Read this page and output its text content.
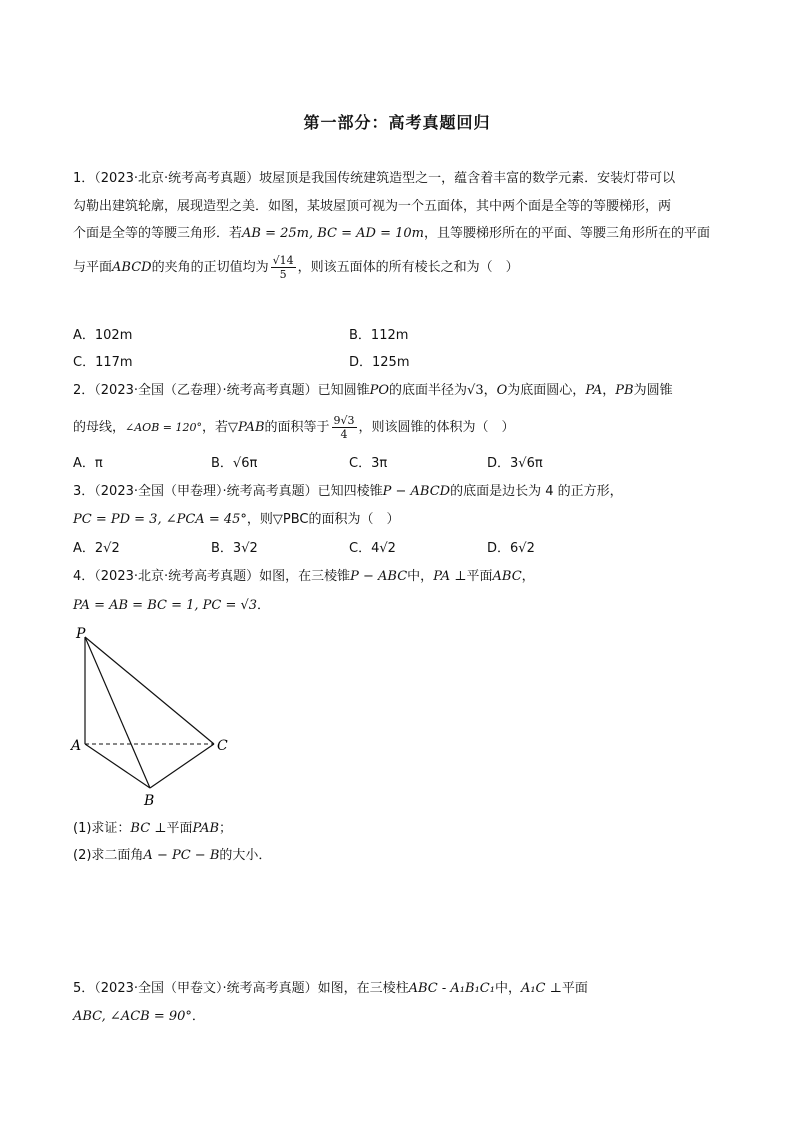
第一部分：高考真题回归
1．（2023·北京·统考高考真题）坡屋顶是我国传统建筑造型之一，蕴含着丰富的数学元素．安装灯带可以
勾勒出建筑轮廓，展现造型之美．如图，某坡屋顶可视为一个五面体，其中两个面是全等的等腰梯形，两
个面是全等的等腰三角形．若AB = 25m, BC = AD = 10m，且等腰梯形所在的平面、等腰三角形所在的平面
与平面ABCD的夹角的正切值均为 $\frac{√14}{5}$ ，则该五面体的所有棱长之和为（　）
A．102m	B．112m
C．117m	D．125m
2．（2023·全国（乙卷理）·统考高考真题）已知圆锥PO的底面半径为√3，O为底面圆心，PA，PB为圆锥
的母线，∠AOB = 120°，若▽PAB的面积等于 $\frac{9√3}{4}$ ，则该圆锥的体积为（　）
A．π	B．√6π	C．3π	D．3√6π
3．（2023·全国（甲卷理）·统考高考真题）已知四棱锥P − ABCD的底面是边长为 4 的正方形，
PC = PD = 3, ∠PCA = 45°，则▽PBC的面积为（　）
A．2√2	B．3√2	C．4√2	D．6√2
4．（2023·北京·统考高考真题）如图，在三棱锥P − ABC中，PA ⊥平面ABC，
PA = AB = BC = 1, PC = √3．
P
A
B
C
(1)求证：BC ⊥平面PAB；
(2)求二面角A − PC − B的大小．
5．（2023·全国（甲卷文）·统考高考真题）如图，在三棱柱ABC - A₁B₁C₁中，A₁C ⊥平面
ABC, ∠ACB = 90°．
